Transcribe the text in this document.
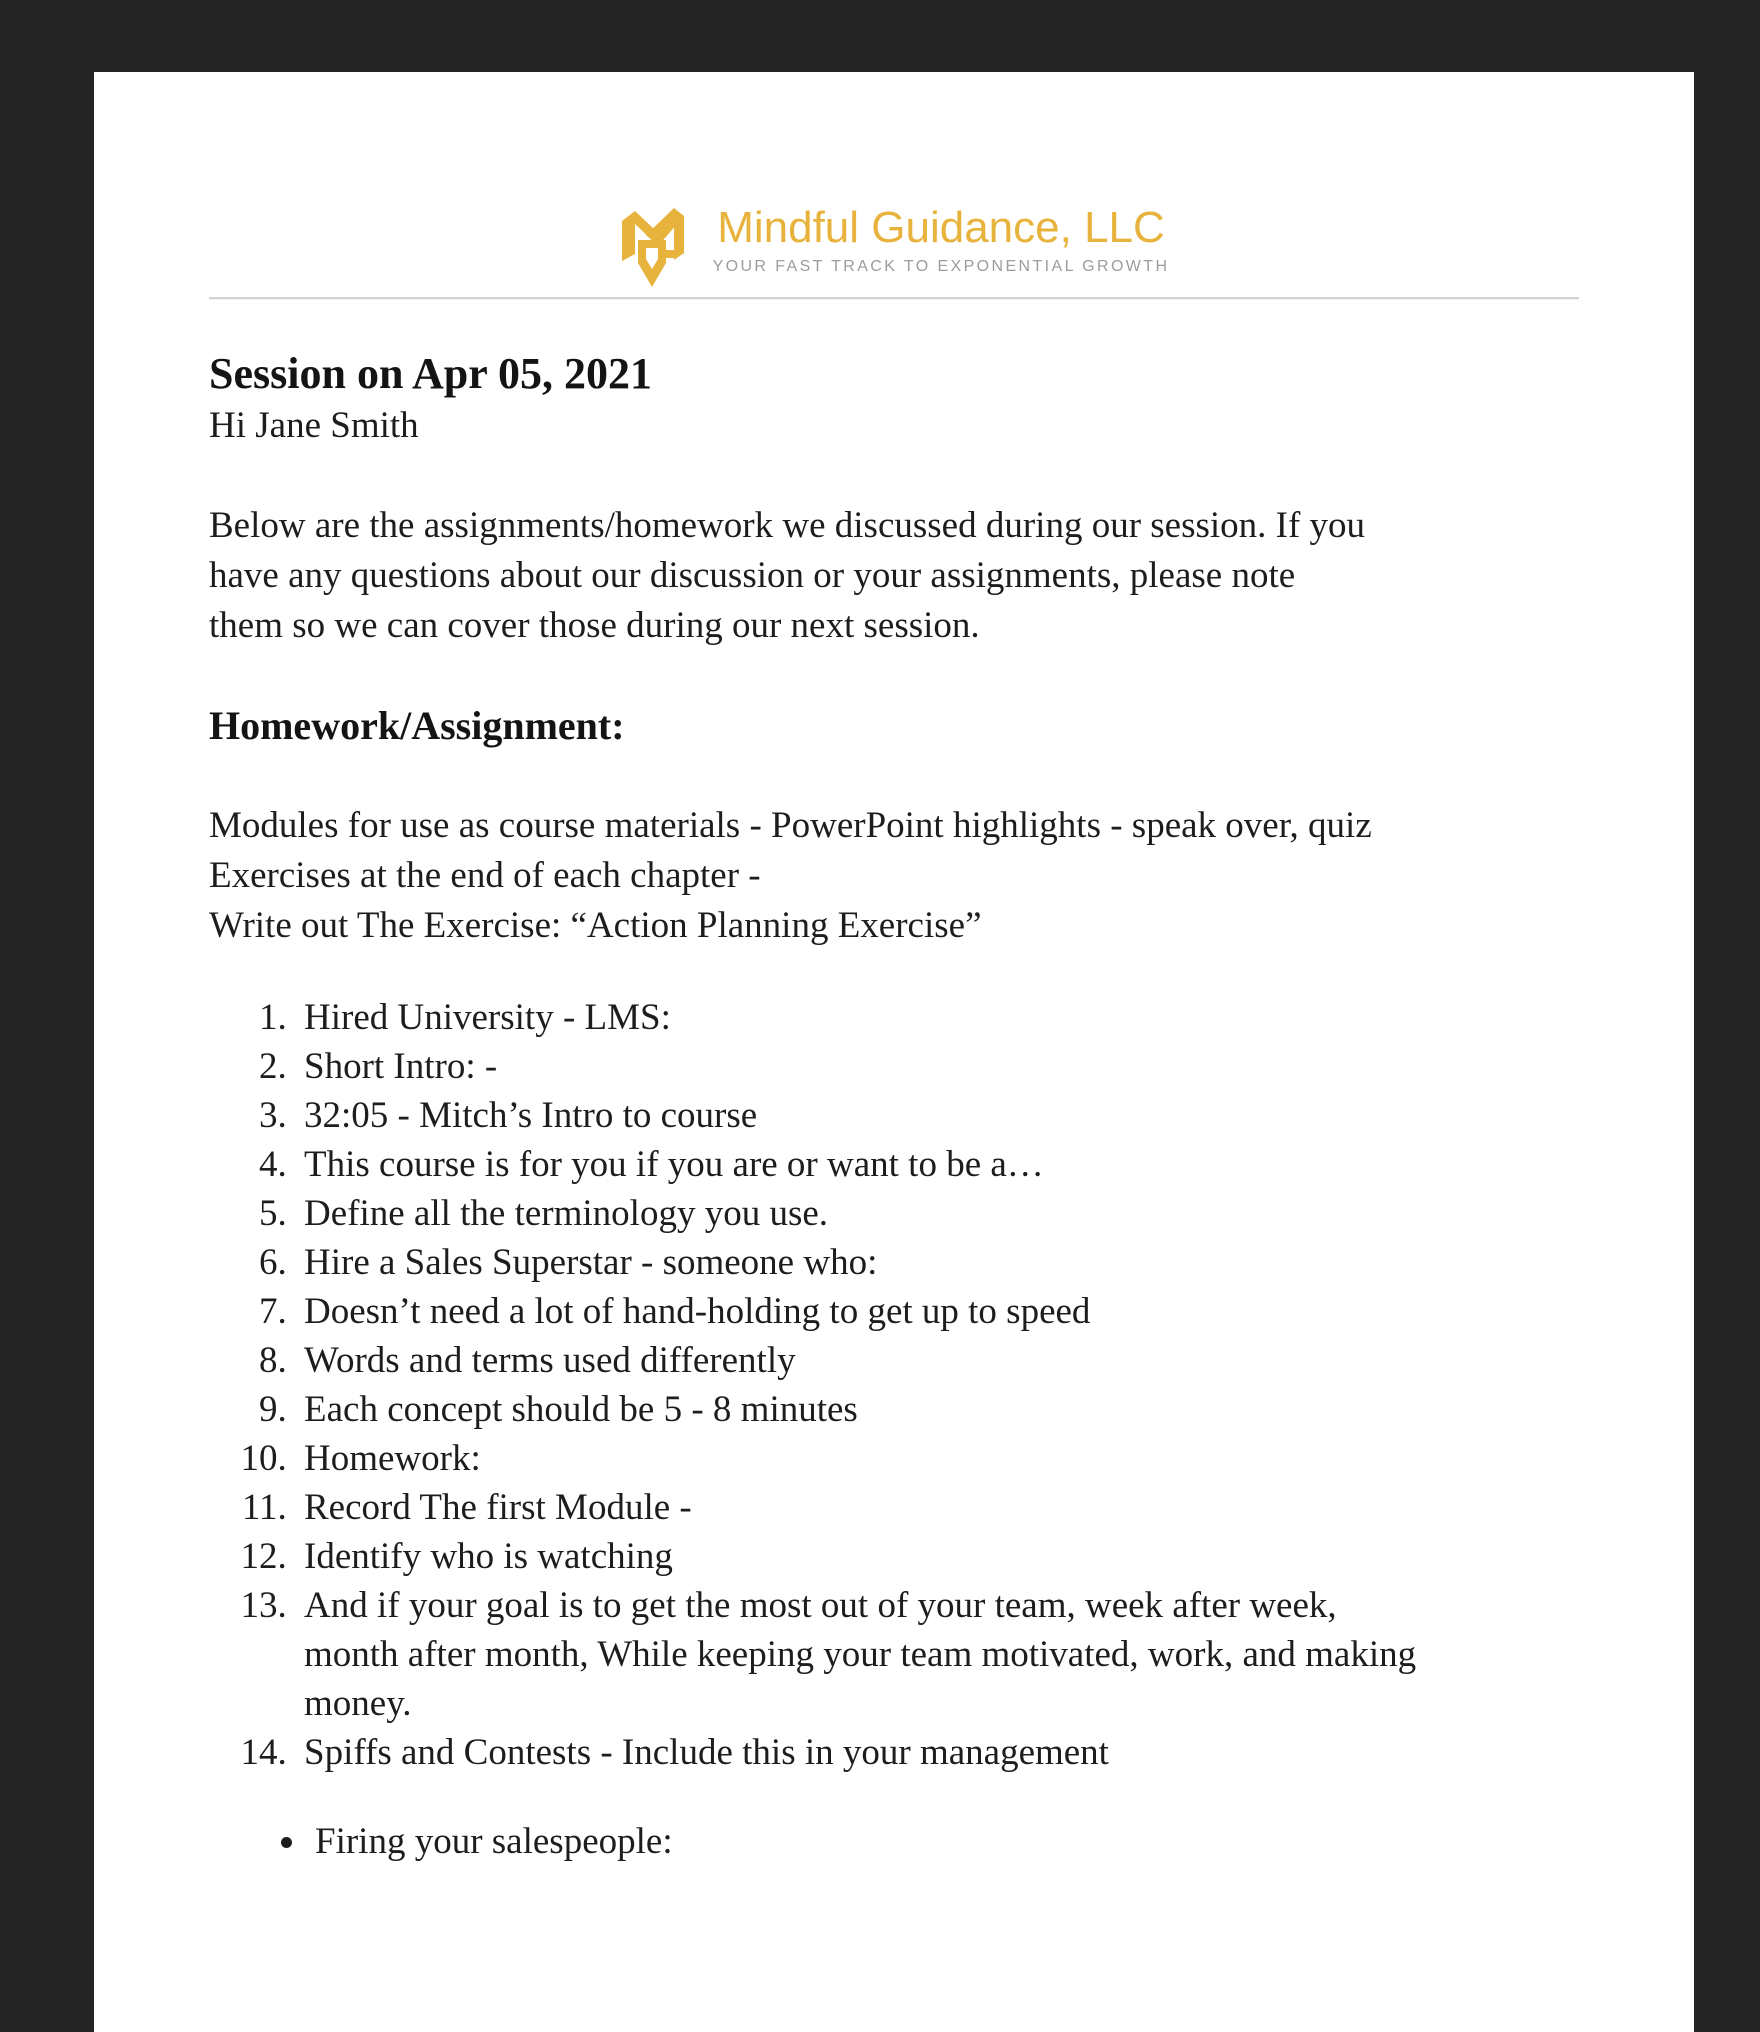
Mindful Guidance, LLC
YOUR FAST TRACK TO EXPONENTIAL GROWTH
Session on Apr 05, 2021

Hi Jane Smith

Below are the assignments/homework we discussed during our session. If you
have any questions about our discussion or your assignments, please note
them so we can cover those during our next session.
Homework/Assignment:
Modules for use as course materials - PowerPoint highlights - speak over, quiz
Exercises at the end of each chapter -
Write out The Exercise: “Action Planning Exercise”
1. Hired University - LMS:
2. Short Intro: -
3. 32:05 - Mitch’s Intro to course
4. This course is for you if you are or want to be a…
5. Define all the terminology you use.
6. Hire a Sales Superstar - someone who:
7. Doesn’t need a lot of hand-holding to get up to speed
8. Words and terms used differently
9. Each concept should be 5 - 8 minutes
10. Homework:
11. Record The first Module -
12. Identify who is watching
13. And if your goal is to get the most out of your team, week after week,
month after month, While keeping your team motivated, work, and making
money.
14. Spiffs and Contests - Include this in your management
• Firing your salespeople:
